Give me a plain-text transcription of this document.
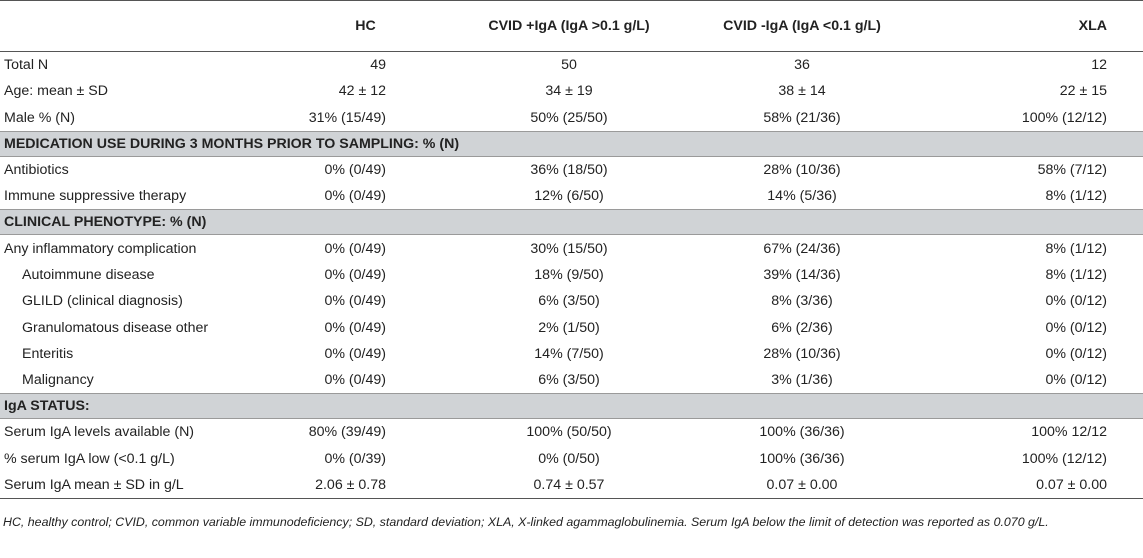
	HC	CVID +IgA (IgA >0.1 g/L)	CVID -IgA (IgA <0.1 g/L)	XLA
Total N	49	50	36	12
Age: mean ± SD	42 ± 12	34 ± 19	38 ± 14	22 ± 15
Male % (N)	31% (15/49)	50% (25/50)	58% (21/36)	100% (12/12)
MEDICATION USE DURING 3 MONTHS PRIOR TO SAMPLING: % (N)				
Antibiotics	0% (0/49)	36% (18/50)	28% (10/36)	58% (7/12)
Immune suppressive therapy	0% (0/49)	12% (6/50)	14% (5/36)	8% (1/12)
CLINICAL PHENOTYPE: % (N)				
Any inflammatory complication	0% (0/49)	30% (15/50)	67% (24/36)	8% (1/12)
Autoimmune disease	0% (0/49)	18% (9/50)	39% (14/36)	8% (1/12)
GLILD (clinical diagnosis)	0% (0/49)	6% (3/50)	8% (3/36)	0% (0/12)
Granulomatous disease other	0% (0/49)	2% (1/50)	6% (2/36)	0% (0/12)
Enteritis	0% (0/49)	14% (7/50)	28% (10/36)	0% (0/12)
Malignancy	0% (0/49)	6% (3/50)	3% (1/36)	0% (0/12)
IgA STATUS:				
Serum IgA levels available (N)	80% (39/49)	100% (50/50)	100% (36/36)	100% 12/12
% serum IgA low (<0.1 g/L)	0% (0/39)	0% (0/50)	100% (36/36)	100% (12/12)
Serum IgA mean ± SD in g/L	2.06 ± 0.78	0.74 ± 0.57	0.07 ± 0.00	0.07 ± 0.00
HC, healthy control; CVID, common variable immunodeficiency; SD, standard deviation; XLA, X-linked agammaglobulinemia. Serum IgA below the limit of detection was reported as 0.070 g/L.
